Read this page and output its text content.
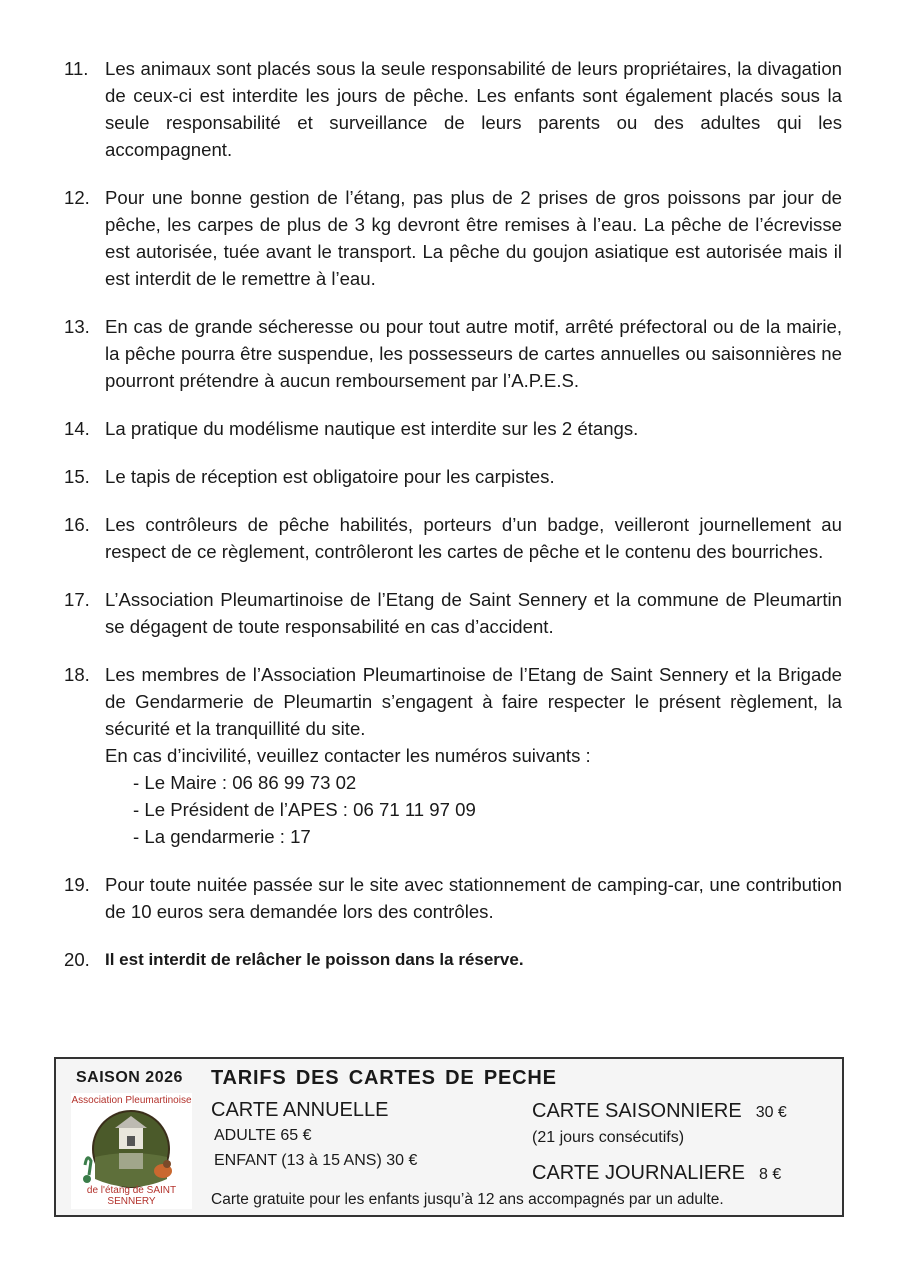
11. Les animaux sont placés sous la seule responsabilité de leurs propriétaires, la divagation de ceux-ci est interdite les jours de pêche. Les enfants sont également placés sous la seule responsabilité et surveillance de leurs parents ou des adultes qui les accompagnent.

12. Pour une bonne gestion de l’étang, pas plus de 2 prises de gros poissons par jour de pêche, les carpes de plus de 3 kg devront être remises à l’eau. La pêche de l’écrevisse est autorisée, tuée avant le transport. La pêche du goujon asiatique est autorisée mais il est interdit de le remettre à l’eau.

13. En cas de grande sécheresse ou pour tout autre motif, arrêté préfectoral ou de la mairie, la pêche pourra être suspendue, les possesseurs de cartes annuelles ou saisonnières ne pourront prétendre à aucun remboursement par l’A.P.E.S.

14. La pratique du modélisme nautique est interdite sur les 2 étangs.

15. Le tapis de réception est obligatoire pour les carpistes.

16. Les contrôleurs de pêche habilités, porteurs d’un badge, veilleront journellement au respect de ce règlement, contrôleront les cartes de pêche et le contenu des bourriches.

17. L’Association Pleumartinoise de l’Etang de Saint Sennery et la commune de Pleumartin se dégagent de toute responsabilité en cas d’accident.

18. Les membres de l’Association Pleumartinoise de l’Etang de Saint Sennery et la Brigade de Gendarmerie de Pleumartin s’engagent à faire respecter le présent règlement, la sécurité et la tranquillité du site.

En cas d’incivilité, veuillez contacter les numéros suivants :

- Le Maire : 06 86 99 73 02
- Le Président de l’APES : 06 71 11 97 09
- La gendarmerie : 17
19. Pour toute nuitée passée sur le site avec stationnement de camping-car, une contribution de 10 euros sera demandée lors des contrôles.

20. Il est interdit de relâcher le poisson dans la réserve.

SAISON 2026
Association Pleumartinoise
de l'étang de SAINT SENNERY
TARIFS DES CARTES DE PECHE
CARTE ANNUELLE
ADULTE 65 €
ENFANT (13 à 15 ANS) 30 €
CARTE SAISONNIERE 30 €
(21 jours consécutifs)
CARTE JOURNALIERE 8 €
Carte gratuite pour les enfants jusqu’à 12 ans accompagnés par un adulte.
